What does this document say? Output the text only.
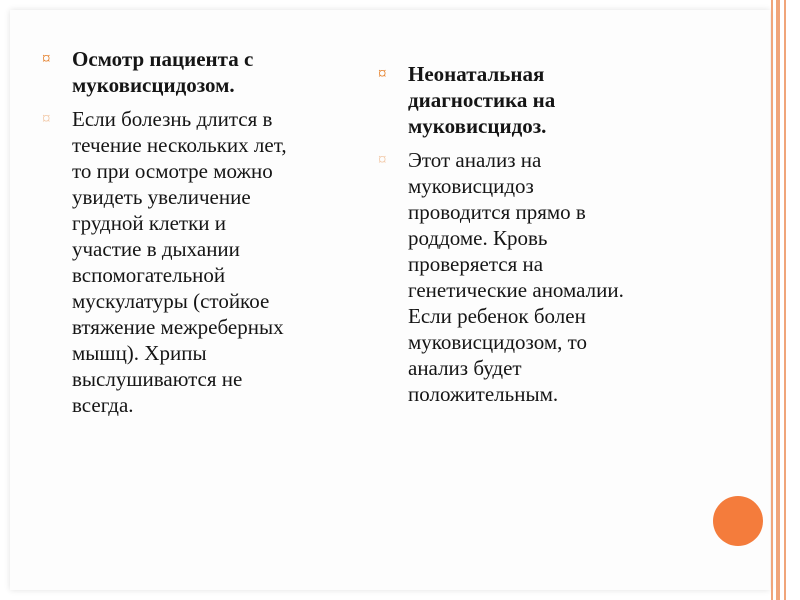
¤ Осмотр пациента с
муковисцидозом.
¤ Если болезнь длится в
течение нескольких лет,
то при осмотре можно
увидеть увеличение
грудной клетки и
участие в дыхании
вспомогательной
мускулатуры (стойкое
втяжение межреберных
мышц). Хрипы
выслушиваются не
всегда.
¤ Неонатальная
диагностика на
муковисцидоз.
¤ Этот анализ на
муковисцидоз
проводится прямо в
роддоме. Кровь
проверяется на
генетические аномалии.
Если ребенок болен
муковисцидозом, то
анализ будет
положительным.
